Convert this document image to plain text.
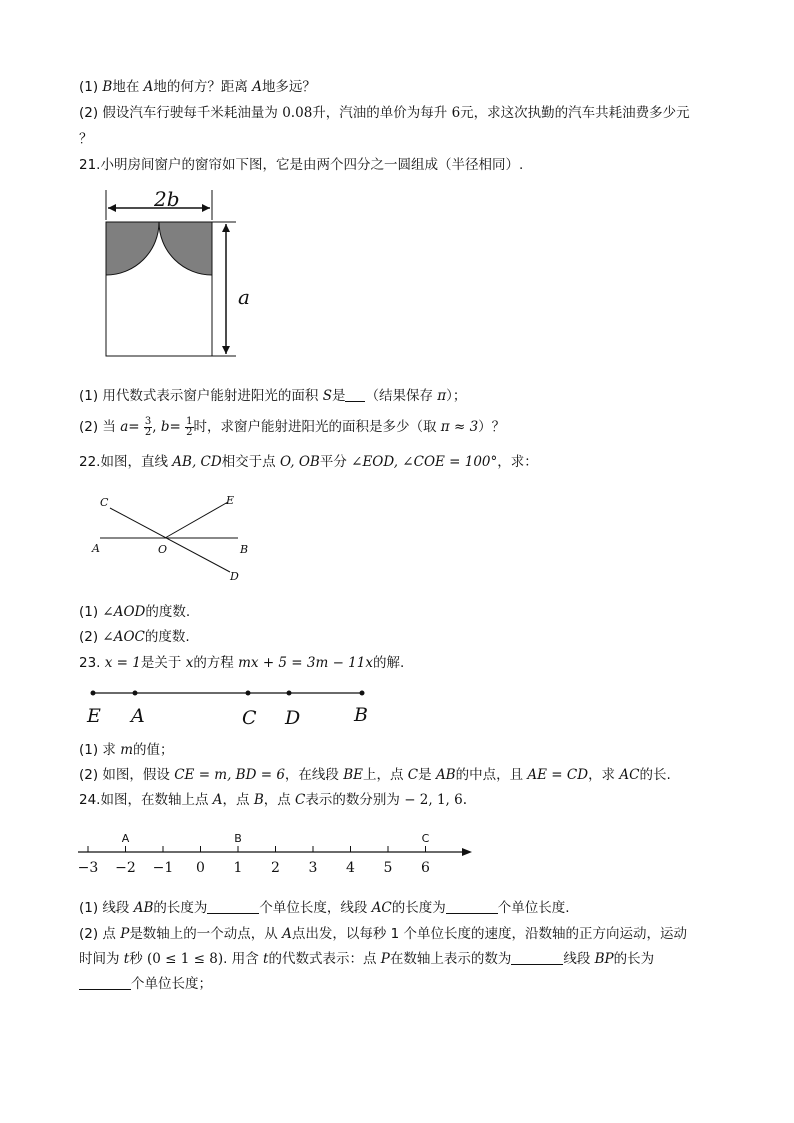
(1) B地在 A地的何方？距离 A地多远？
(2) 假设汽车行驶每千米耗油量为 0.08升，汽油的单价为每升 6元，求这次执勤的汽车共耗油费多少元
？
21.小明房间窗户的窗帘如下图，它是由两个四分之一圆组成（半径相同）.
2b
a
(1) 用代数式表示窗户能射进阳光的面积 S是 （结果保存 π）；
(2) 当 $a= \frac{3}{2}$ , $b= \frac{1}{2}$ 时，求窗户能射进阳光的面积是多少（取 π ≈ 3）？
22.如图，直线 AB, CD相交于点 O, OB平分 ∠EOD, ∠COE = 100°，求：
C	E
A	O	B
D
(1) ∠AOD的度数.
(2) ∠AOC的度数.
23. x = 1是关于 x的方程 mx + 5 = 3m − 11x的解.
E A	C D	B
(1) 求 m的值；
(2) 如图，假设 CE = m, BD = 6，在线段 BE上，点 C是 AB的中点，且 AE = CD，求 AC的长.
24.如图，在数轴上点 A，点 B，点 C表示的数分别为 − 2, 1, 6.
−3 −2 −1 0 1 2 3 4 5 6
A	B	C
(1) 线段 AB的长度为	个单位长度，线段 AC的长度为	个单位长度.
(2) 点 P是数轴上的一个动点，从 A点出发，以每秒 1 个单位长度的速度，沿数轴的正方向运动，运动
时间为 t秒 (0 ≤ 1 ≤ 8). 用含 t的代数式表示：点 P在数轴上表示的数为	线段 BP的长为
个单位长度；
